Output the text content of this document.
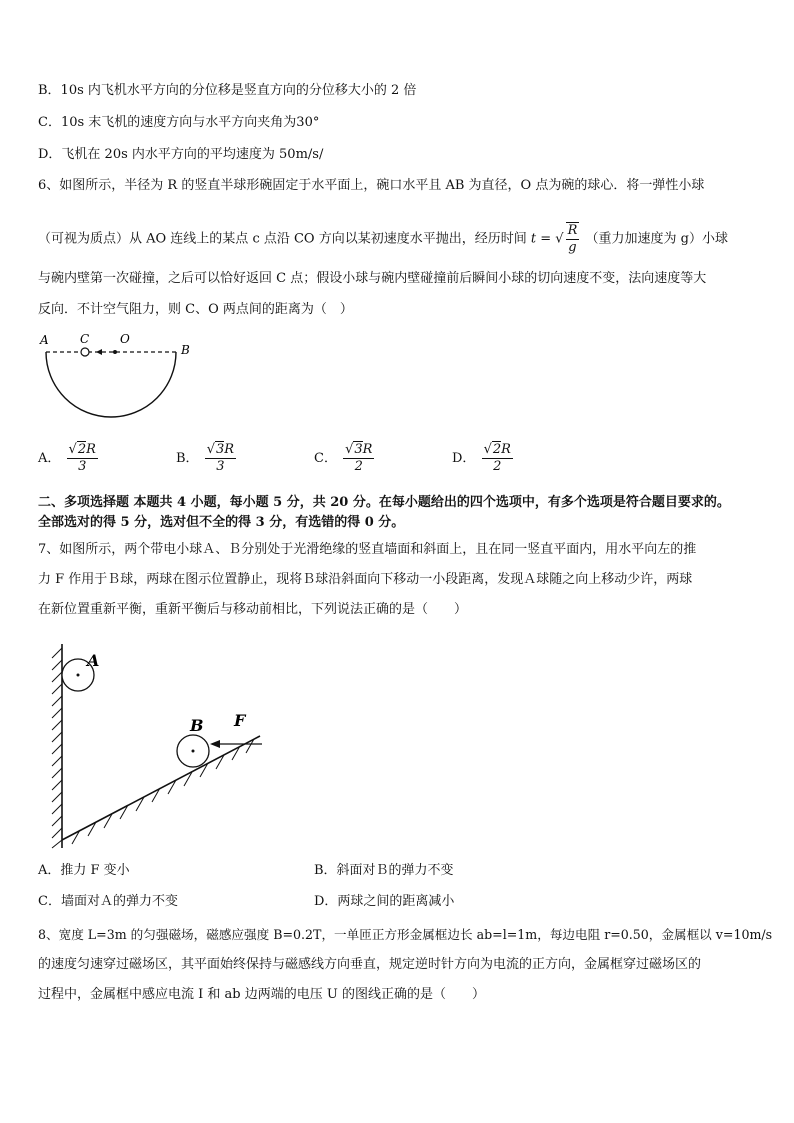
B．10s 内飞机水平方向的分位移是竖直方向的分位移大小的 2 倍
C．10s 末飞机的速度方向与水平方向夹角为30°
D．飞机在 20s 内水平方向的平均速度为 50m/s/
6、如图所示，半径为 R 的竖直半球形碗固定于水平面上，碗口水平且 AB 为直径，O 点为碗的球心．将一弹性小球
（可视为质点）从 AO 连线上的某点 c 点沿 CO 方向以某初速度水平抛出，经历时间 t = √ $\frac{R}{g}$ （重力加速度为 g）小球
与碗内壁第一次碰撞，之后可以恰好返回 C 点；假设小球与碗内壁碰撞前后瞬间小球的切向速度不变，法向速度等大
反向．不计空气阻力，则 C、O 两点间的距离为（　）
A	C	O
B
A． $\frac{√2R}{3}$	B． $\frac{√3R}{3}$	C． $\frac{√3R}{2}$	D． $\frac{√2R}{2}$
二、多项选择题 本题共 4 小题，每小题 5 分，共 20 分。在每小题给出的四个选项中，有多个选项是符合题目要求的。
全部选对的得 5 分，选对但不全的得 3 分，有选错的得 0 分。
7、如图所示，两个带电小球Ａ、Ｂ分别处于光滑绝缘的竖直墙面和斜面上，且在同一竖直平面内，用水平向左的推
力 F 作用于Ｂ球，两球在图示位置静止，现将Ｂ球沿斜面向下移动一小段距离，发现Ａ球随之向上移动少许，两球
在新位置重新平衡，重新平衡后与移动前相比，下列说法正确的是（　　）
A
B F
A．推力 F 变小	B．斜面对Ｂ的弹力不变
C．墙面对Ａ的弹力不变	D．两球之间的距离减小
8、宽度 L=3m 的匀强磁场，磁感应强度 B=0.2T，一单匝正方形金属框边长 ab=l=1m，每边电阻 r=0.50，金属框以 v=10m/s
的速度匀速穿过磁场区，其平面始终保持与磁感线方向垂直，规定逆时针方向为电流的正方向，金属框穿过磁场区的
过程中，金属框中感应电流 I 和 ab 边两端的电压 U 的图线正确的是（　　）
